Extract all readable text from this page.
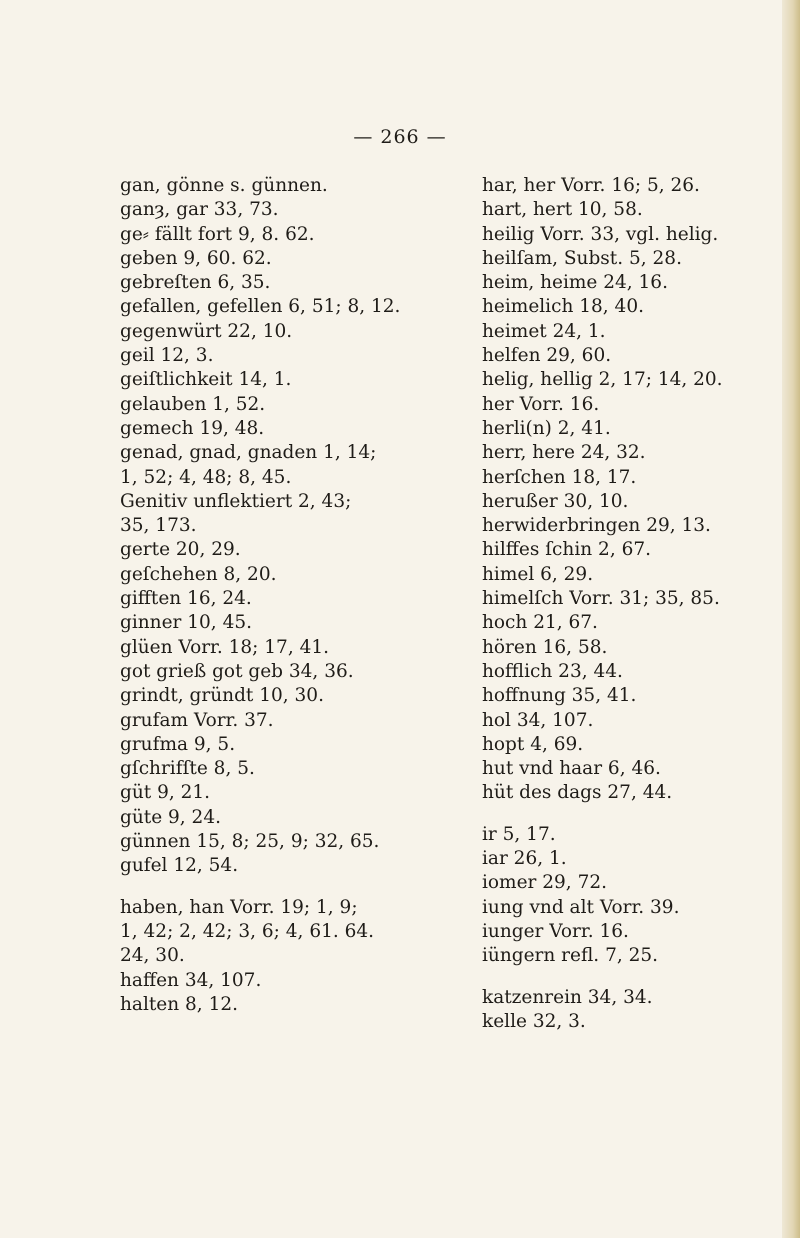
— 266 —
gan, gönne s. günnen.
ganȝ, gar 33, 73.
ge⸗ fällt fort 9, 8. 62.
geben 9, 60. 62.
gebreſten 6, 35.
gefallen, gefellen 6, 51; 8, 12.
gegenwürt 22, 10.
geil 12, 3.
geiſtlichkeit 14, 1.
gelauben 1, 52.
gemech 19, 48.
genad, gnad, gnaden 1, 14;
1, 52; 4, 48; 8, 45.
Genitiv unflektiert 2, 43;
35, 173.
gerte 20, 29.
geſchehen 8, 20.
gifften 16, 24.
ginner 10, 45.
glüen Vorr. 18; 17, 41.
got grieß got geb 34, 36.
grindt, gründt 10, 30.
grufam Vorr. 37.
grufma 9, 5.
gſchrifſte 8, 5.
güt 9, 21.
güte 9, 24.
günnen 15, 8; 25, 9; 32, 65.
gufel 12, 54.
haben, han Vorr. 19; 1, 9;
1, 42; 2, 42; 3, 6; 4, 61. 64.
24, 30.
haffen 34, 107.
halten 8, 12.
har, her Vorr. 16; 5, 26.
hart, hert 10, 58.
heilig Vorr. 33, vgl. helig.
heilſam, Subst. 5, 28.
heim, heime 24, 16.
heimelich 18, 40.
heimet 24, 1.
helfen 29, 60.
helig, hellig 2, 17; 14, 20.
her Vorr. 16.
herli(n) 2, 41.
herr, here 24, 32.
herſchen 18, 17.
herußer 30, 10.
herwiderbringen 29, 13.
hilffes ſchin 2, 67.
himel 6, 29.
himelſch Vorr. 31; 35, 85.
hoch 21, 67.
hören 16, 58.
hofflich 23, 44.
hoffnung 35, 41.
hol 34, 107.
hopt 4, 69.
hut vnd haar 6, 46.
hüt des dags 27, 44.
ir 5, 17.
iar 26, 1.
iomer 29, 72.
iung vnd alt Vorr. 39.
iunger Vorr. 16.
iüngern refl. 7, 25.
katzenrein 34, 34.
kelle 32, 3.
